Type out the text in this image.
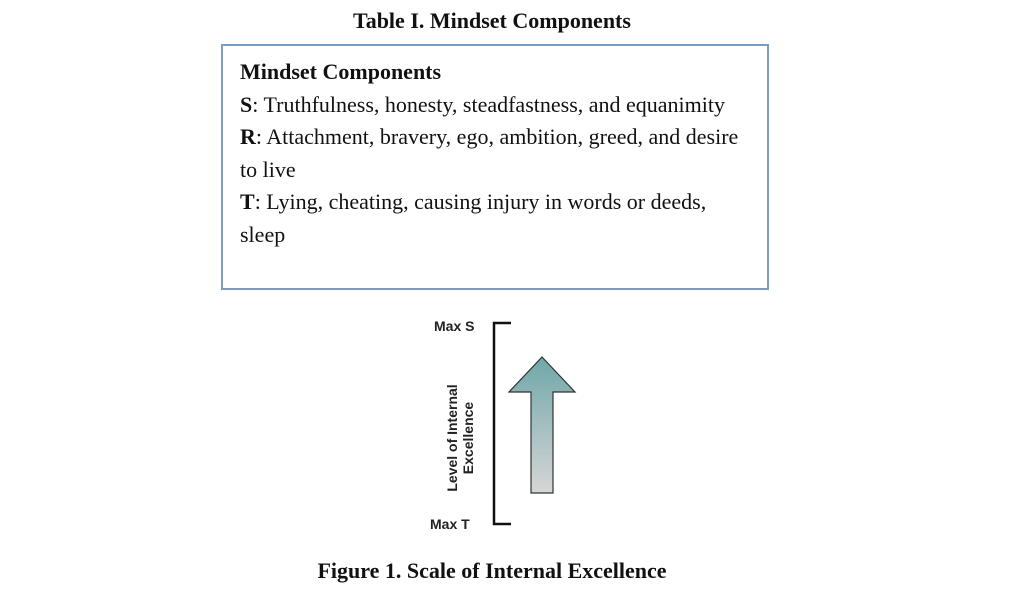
Table I. Mindset Components
Mindset Components
S: Truthfulness, honesty, steadfastness, and equanimity
R: Attachment, bravery, ego, ambition, greed, and desire to live
T: Lying, cheating, causing injury in words or deeds, sleep
Max S
Max T
Level of Internal Excellence
Figure 1. Scale of Internal Excellence
